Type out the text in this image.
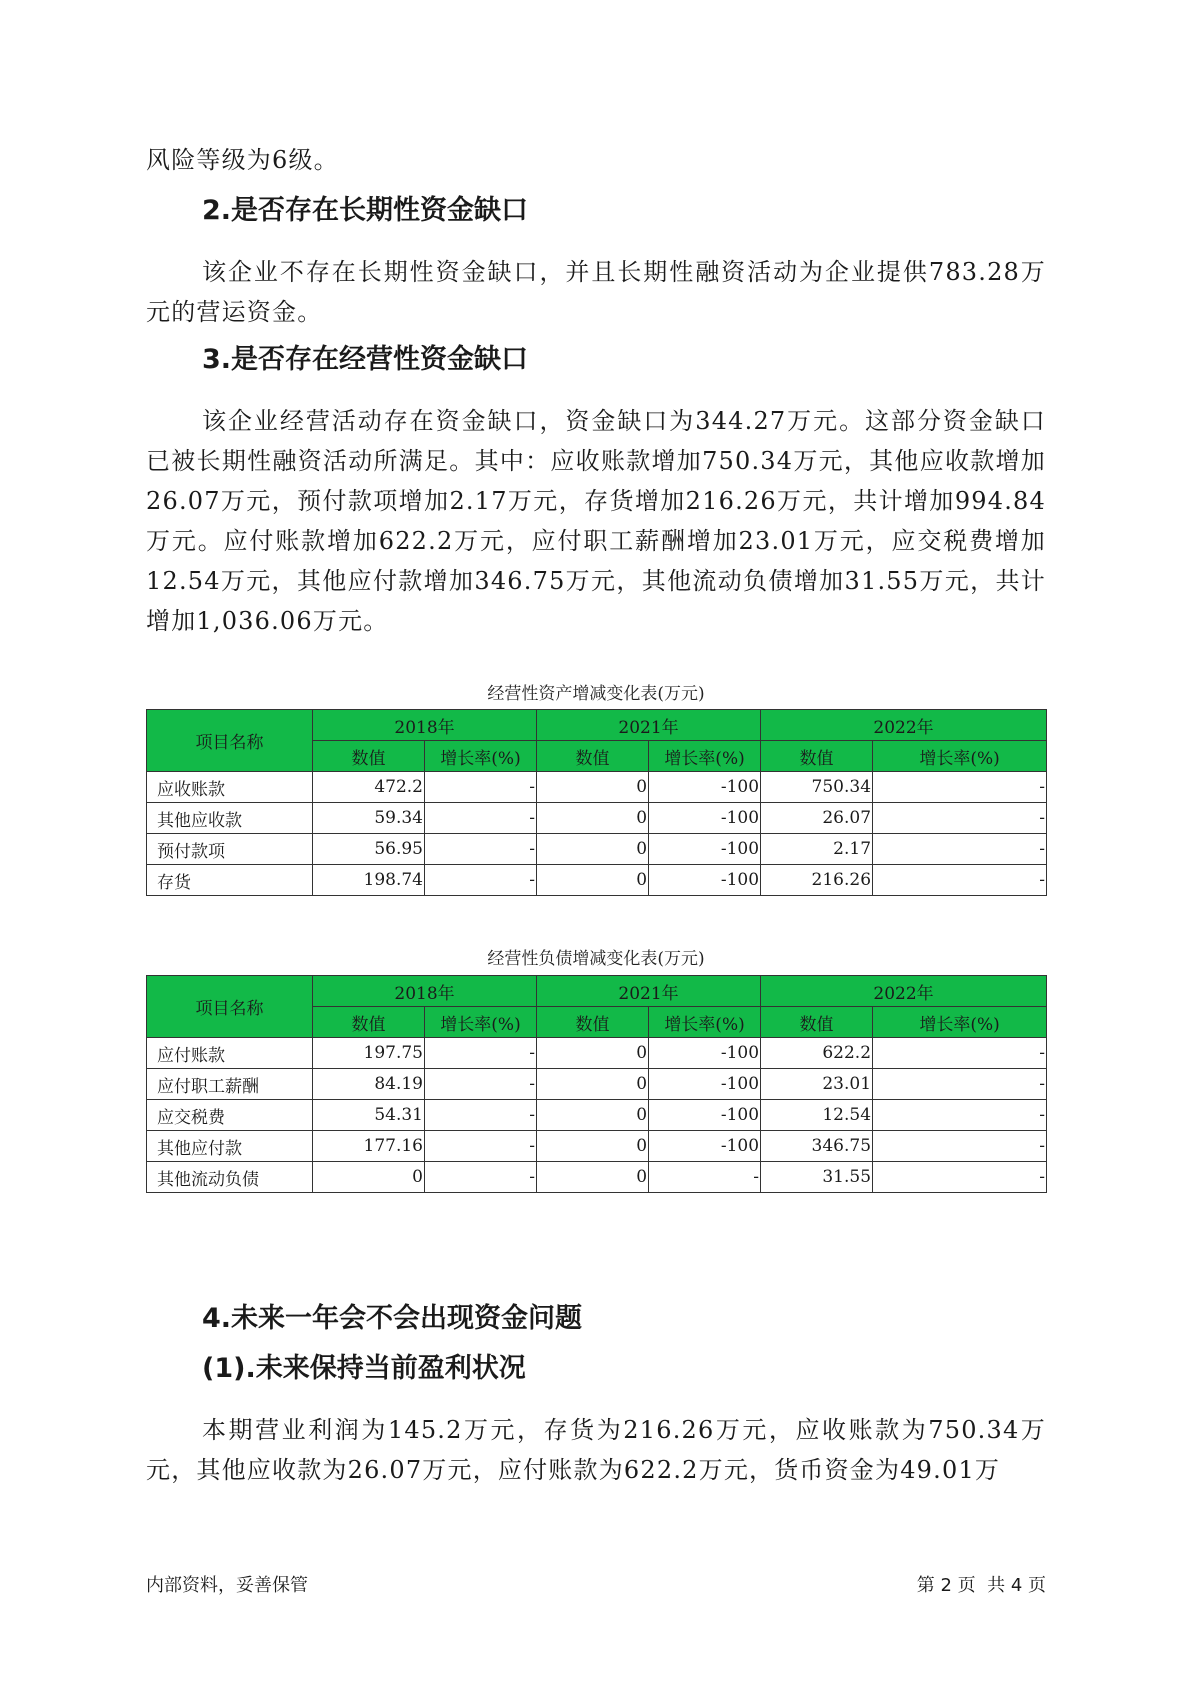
风险等级为6级。

2.是否存在长期性资金缺口

该企业不存在长期性资金缺口，并且长期性融资活动为企业提供783.28万元的营运资金。

3.是否存在经营性资金缺口

该企业经营活动存在资金缺口，资金缺口为344.27万元。这部分资金缺口已被长期性融资活动所满足。其中：应收账款增加750.34万元，其他应收款增加26.07万元，预付款项增加2.17万元，存货增加216.26万元，共计增加994.84万元。应付账款增加622.2万元，应付职工薪酬增加23.01万元，应交税费增加12.54万元，其他应付款增加346.75万元，其他流动负债增加31.55万元，共计增加1,036.06万元。

经营性资产增减变化表(万元)

项目名称	2018年		2021年		2022年	
	数值	增长率(%)	数值	增长率(%)	数值	增长率(%)
应收账款	472.2	-	0	-100	750.34	-
其他应收款	59.34	-	0	-100	26.07	-
预付款项	56.95	-	0	-100	2.17	-
存货	198.74	-	0	-100	216.26	-

经营性负债增减变化表(万元)

项目名称	2018年		2021年		2022年	
	数值	增长率(%)	数值	增长率(%)	数值	增长率(%)
应付账款	197.75	-	0	-100	622.2	-
应付职工薪酬	84.19	-	0	-100	23.01	-
应交税费	54.31	-	0	-100	12.54	-
其他应付款	177.16	-	0	-100	346.75	-
其他流动负债	0	-	0	-	31.55	-
4.未来一年会不会出现资金问题
(1).未来保持当前盈利状况

本期营业利润为145.2万元，存货为216.26万元，应收账款为750.34万元，其他应收款为26.07万元，应付账款为622.2万元，货币资金为49.01万

内部资料，妥善保管	第 2 页  共 4 页
